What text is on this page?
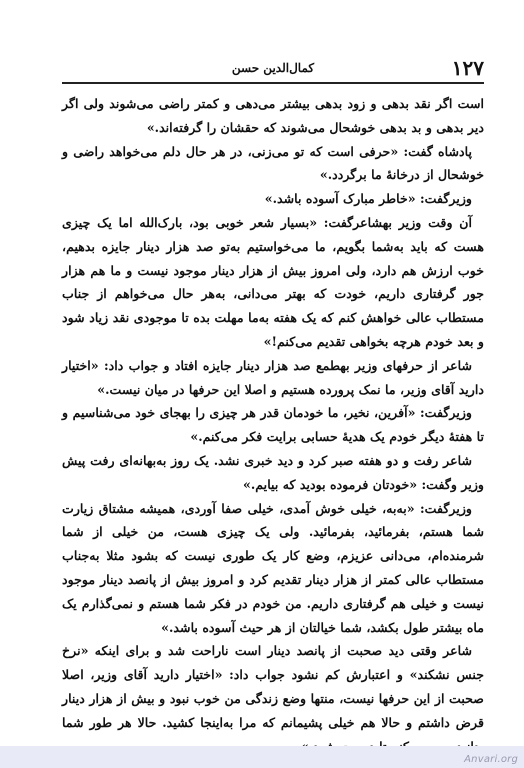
۱۲۷
کمال‌الدین حسن

است اگر نقد بدهی و زود بدهی بیشتر می‌دهی و کمتر راضی می‌شوند ولی اگر دیر بدهی و بد بدهی خوشحال می‌شوند که حقشان را گرفته‌اند.»

پادشاه گفت: «حرفی است که تو می‌زنی، در هر حال دلم می‌خواهد راضی و خوشحال از درخانهٔ ما برگردد.»

وزیرگفت: «خاطر مبارک آسوده باشد.»

آن وقت وزیر بهشاعرگفت: «بسیار شعر خوبی بود، بارک‌الله اما یک چیزی هست که باید به‌شما بگویم، ما می‌خواستیم به‌تو صد هزار دینار جایزه بدهیم، خوب ارزش هم دارد، ولی امروز بیش از هزار دینار موجود نیست و ما هم هزار جور گرفتاری داریم، خودت که بهتر می‌دانی، به‌هر حال می‌خواهم از جناب مستطاب عالی خواهش کنم که یک هفته به‌ما مهلت بده تا موجودی نقد زیاد شود و بعد خودم هرچه بخواهی تقدیم می‌کنم!»

شاعر از حرفهای وزیر بهطمع صد هزار دینار جایزه افتاد و جواب داد: «اختیار دارید آقای وزیر، ما نمک پرورده هستیم و اصلا این حرفها در میان نیست.»

وزیرگفت: «آفرین، نخیر، ما خودمان قدر هر چیزی را بهجای خود می‌شناسیم و تا هفتهٔ دیگر خودم یک هدیهٔ حسابی برایت فکر می‌کنم.»

شاعر رفت و دو هفته صبر کرد و دید خبری نشد. یک روز به‌بهانه‌ای رفت پیش وزیر وگفت: «خودتان فرموده بودید که بیایم.»

وزیرگفت: «به‌به، خیلی خوش آمدی، خیلی صفا آوردی، همیشه مشتاق زیارت شما هستم، بفرمائید، بفرمائید. ولی یک چیزی هست، من خیلی از شما شرمنده‌ام، می‌دانی عزیزم، وضع کار یک طوری نیست که بشود مثلا به‌جناب مستطاب عالی کمتر از هزار دینار تقدیم کرد و امروز بیش از پانصد دینار موجود نیست و خیلی هم گرفتاری داریم. من خودم در فکر شما هستم و نمی‌گذارم یک ماه بیشتر طول بکشد، شما خیالتان از هر حیث آسوده باشد.»

شاعر وقتی دید صحبت از پانصد دینار است ناراحت شد و برای اینکه «نرخ جنس نشکند» و اعتبارش کم نشود جواب داد: «اختیار دارید آقای وزیر، اصلا صحبت از این حرفها نیست، منتها وضع زندگی من خوب نبود و بیش از هزار دینار قرض داشتم و حالا هم خیلی پشیمانم که مرا به‌اینجا کشید. حالا هر طور شما

Anvari.org
